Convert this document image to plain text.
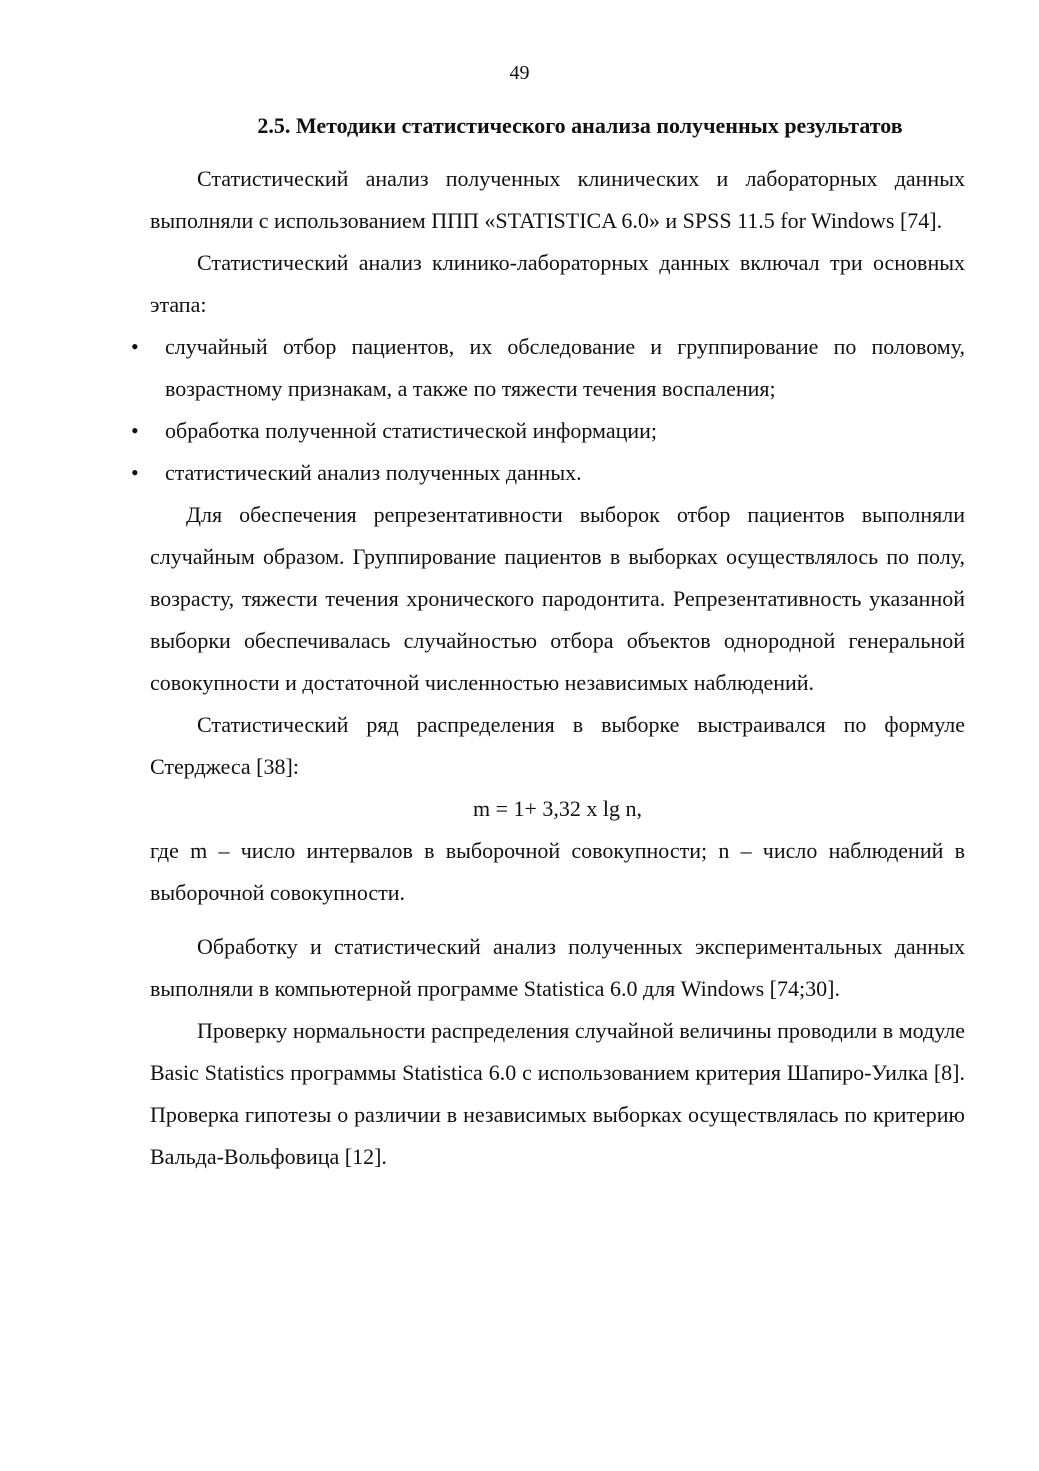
49
2.5. Методики статистического анализа полученных результатов

Статистический анализ полученных клинических и лабораторных данных выполняли с использованием ППП «STATISTICA 6.0» и SPSS 11.5 for Windows [74].

Статистический анализ клинико-лабораторных данных включал три основных этапа:

• случайный отбор пациентов, их обследование и группирование по половому, возрастному признакам, а также по тяжести течения воспаления;
• обработка полученной статистической информации;
• статистический анализ полученных данных.

Для обеспечения репрезентативности выборок отбор пациентов выполняли случайным образом. Группирование пациентов в выборках осуществлялось по полу, возрасту, тяжести течения хронического пародонтита. Репрезентативность указанной выборки обеспечивалась случайностью отбора объектов однородной генеральной совокупности и достаточной численностью независимых наблюдений.

Статистический ряд распределения в выборке выстраивался по формуле Стерджеса [38]:

m = 1+ 3,32 x lg n,

где m – число интервалов в выборочной совокупности; n – число наблюдений в выборочной совокупности.

Обработку и статистический анализ полученных экспериментальных данных выполняли в компьютерной программе Statistica 6.0 для Windows [74;30].

Проверку нормальности распределения случайной величины проводили в модуле Basic Statistics программы Statistica 6.0 с использованием критерия Шапиро-Уилка [8]. Проверка гипотезы о различии в независимых выборках осуществлялась по критерию Вальда-Вольфовица [12].
